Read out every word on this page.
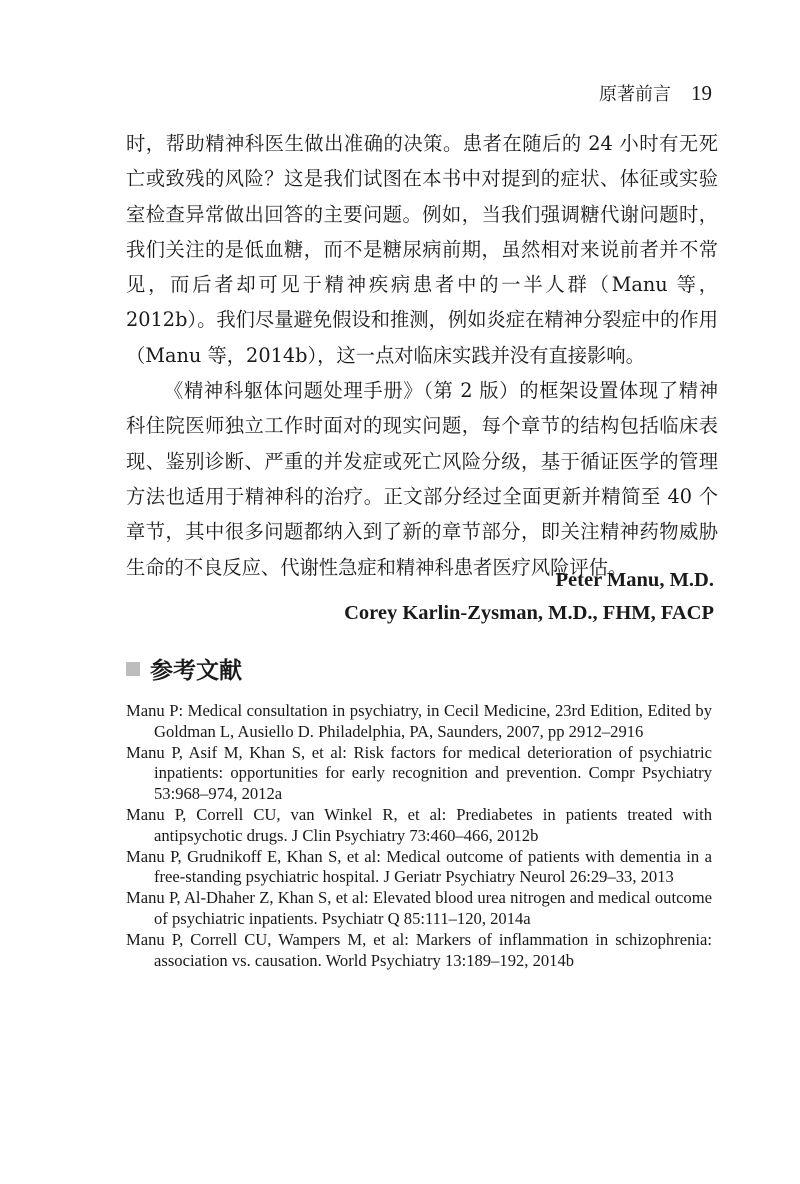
原著前言 19

时，帮助精神科医生做出准确的决策。患者在随后的 24 小时有无死亡或致残的风险？这是我们试图在本书中对提到的症状、体征或实验室检查异常做出回答的主要问题。例如，当我们强调糖代谢问题时，我们关注的是低血糖，而不是糖尿病前期，虽然相对来说前者并不常见，而后者却可见于精神疾病患者中的一半人群（Manu 等，2012b）。我们尽量避免假设和推测，例如炎症在精神分裂症中的作用（Manu 等，2014b），这一点对临床实践并没有直接影响。

《精神科躯体问题处理手册》（第 2 版）的框架设置体现了精神科住院医师独立工作时面对的现实问题，每个章节的结构包括临床表现、鉴别诊断、严重的并发症或死亡风险分级，基于循证医学的管理方法也适用于精神科的治疗。正文部分经过全面更新并精简至 40 个章节，其中很多问题都纳入到了新的章节部分，即关注精神药物威胁生命的不良反应、代谢性急症和精神科患者医疗风险评估。

Peter Manu, M.D.
Corey Karlin-Zysman, M.D., FHM, FACP
参考文献
Manu P: Medical consultation in psychiatry, in Cecil Medicine, 23rd Edition, Edited by Goldman L, Ausiello D. Philadelphia, PA, Saunders, 2007, pp 2912–2916
Manu P, Asif M, Khan S, et al: Risk factors for medical deterioration of psychiatric inpatients: opportunities for early recognition and prevention. Compr Psychiatry 53:968–974, 2012a
Manu P, Correll CU, van Winkel R, et al: Prediabetes in patients treated with antipsychotic drugs. J Clin Psychiatry 73:460–466, 2012b
Manu P, Grudnikoff E, Khan S, et al: Medical outcome of patients with dementia in a free-standing psychiatric hospital. J Geriatr Psychiatry Neurol 26:29–33, 2013
Manu P, Al-Dhaher Z, Khan S, et al: Elevated blood urea nitrogen and medical outcome of psychiatric inpatients. Psychiatr Q 85:111–120, 2014a
Manu P, Correll CU, Wampers M, et al: Markers of inflammation in schizophrenia: association vs. causation. World Psychiatry 13:189–192, 2014b
